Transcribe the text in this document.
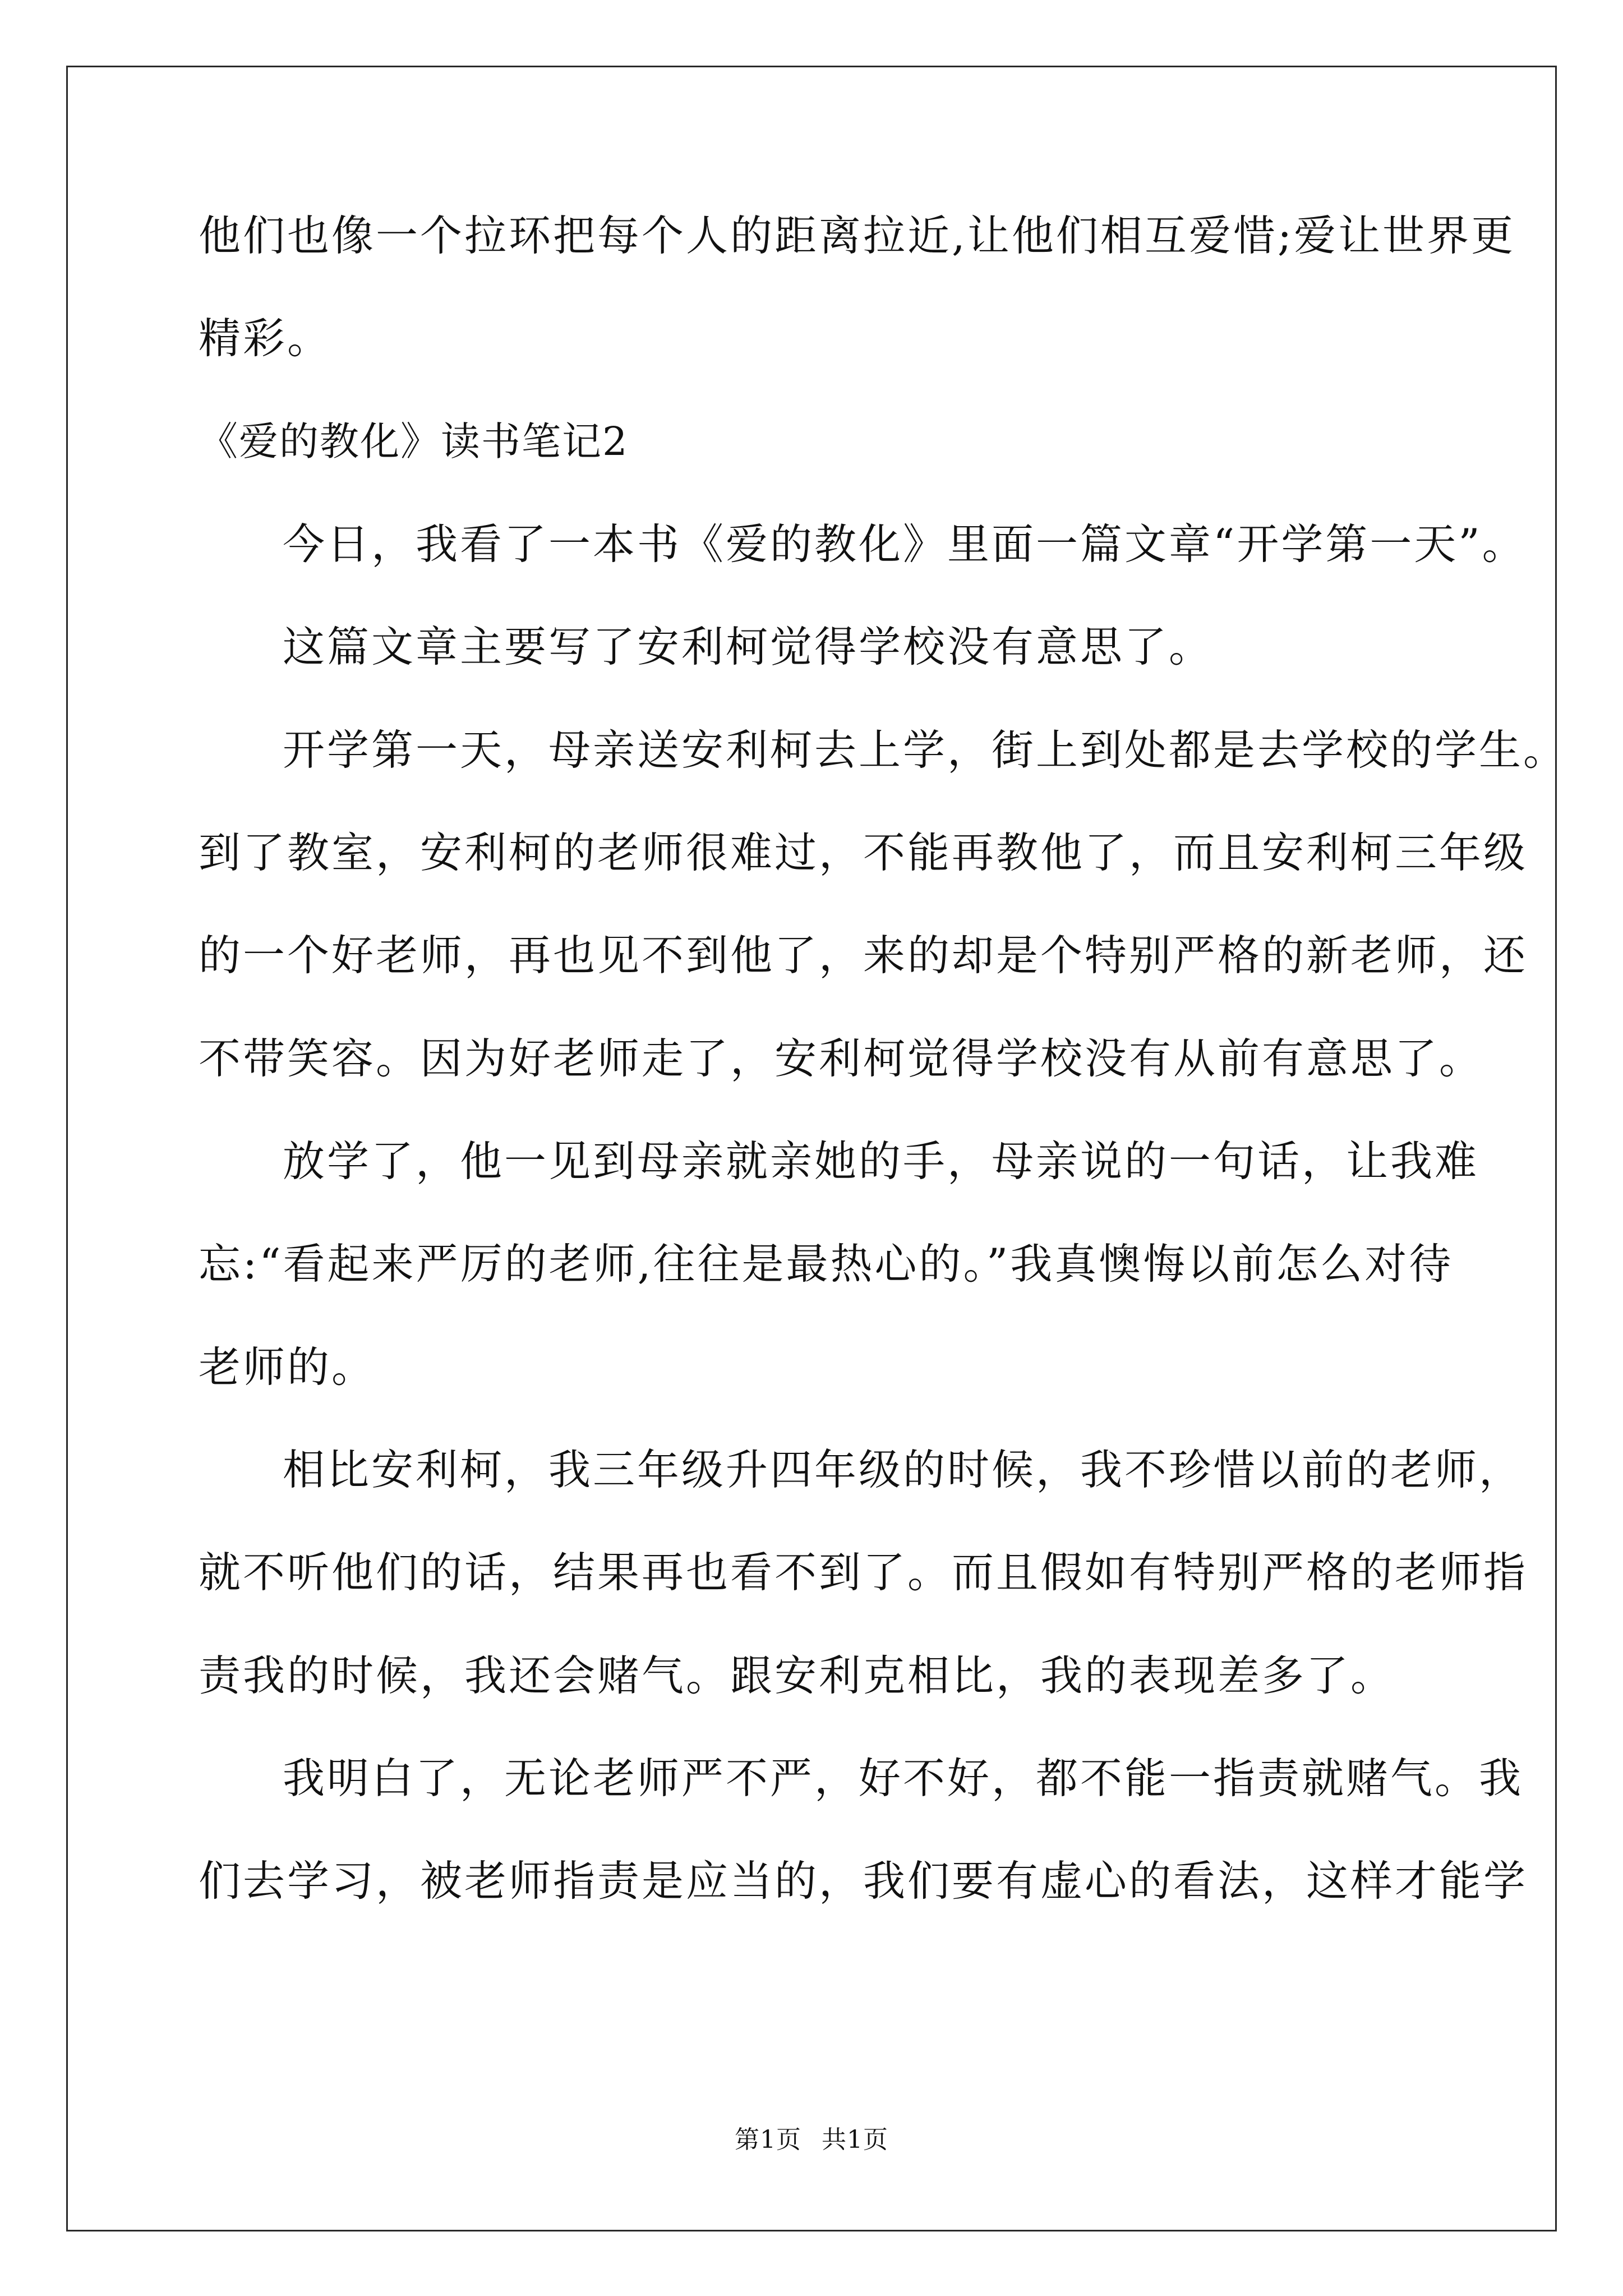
他们也像一个拉环把每个人的距离拉近,让他们相互爱惜;爱让世界更
精彩。
《爱的教化》读书笔记2
今日，我看了一本书《爱的教化》里面一篇文章“开学第一天”。
这篇文章主要写了安利柯觉得学校没有意思了。
开学第一天，母亲送安利柯去上学，街上到处都是去学校的学生。
到了教室，安利柯的老师很难过，不能再教他了，而且安利柯三年级
的一个好老师，再也见不到他了，来的却是个特别严格的新老师，还
不带笑容。因为好老师走了，安利柯觉得学校没有从前有意思了。
放学了，他一见到母亲就亲她的手，母亲说的一句话，让我难
忘:“看起来严厉的老师,往往是最热心的。”我真懊悔以前怎么对待
老师的。
相比安利柯，我三年级升四年级的时候，我不珍惜以前的老师，
就不听他们的话，结果再也看不到了。而且假如有特别严格的老师指
责我的时候，我还会赌气。跟安利克相比，我的表现差多了。
我明白了，无论老师严不严，好不好，都不能一指责就赌气。我
们去学习，被老师指责是应当的，我们要有虚心的看法，这样才能学
第1页 共1页
